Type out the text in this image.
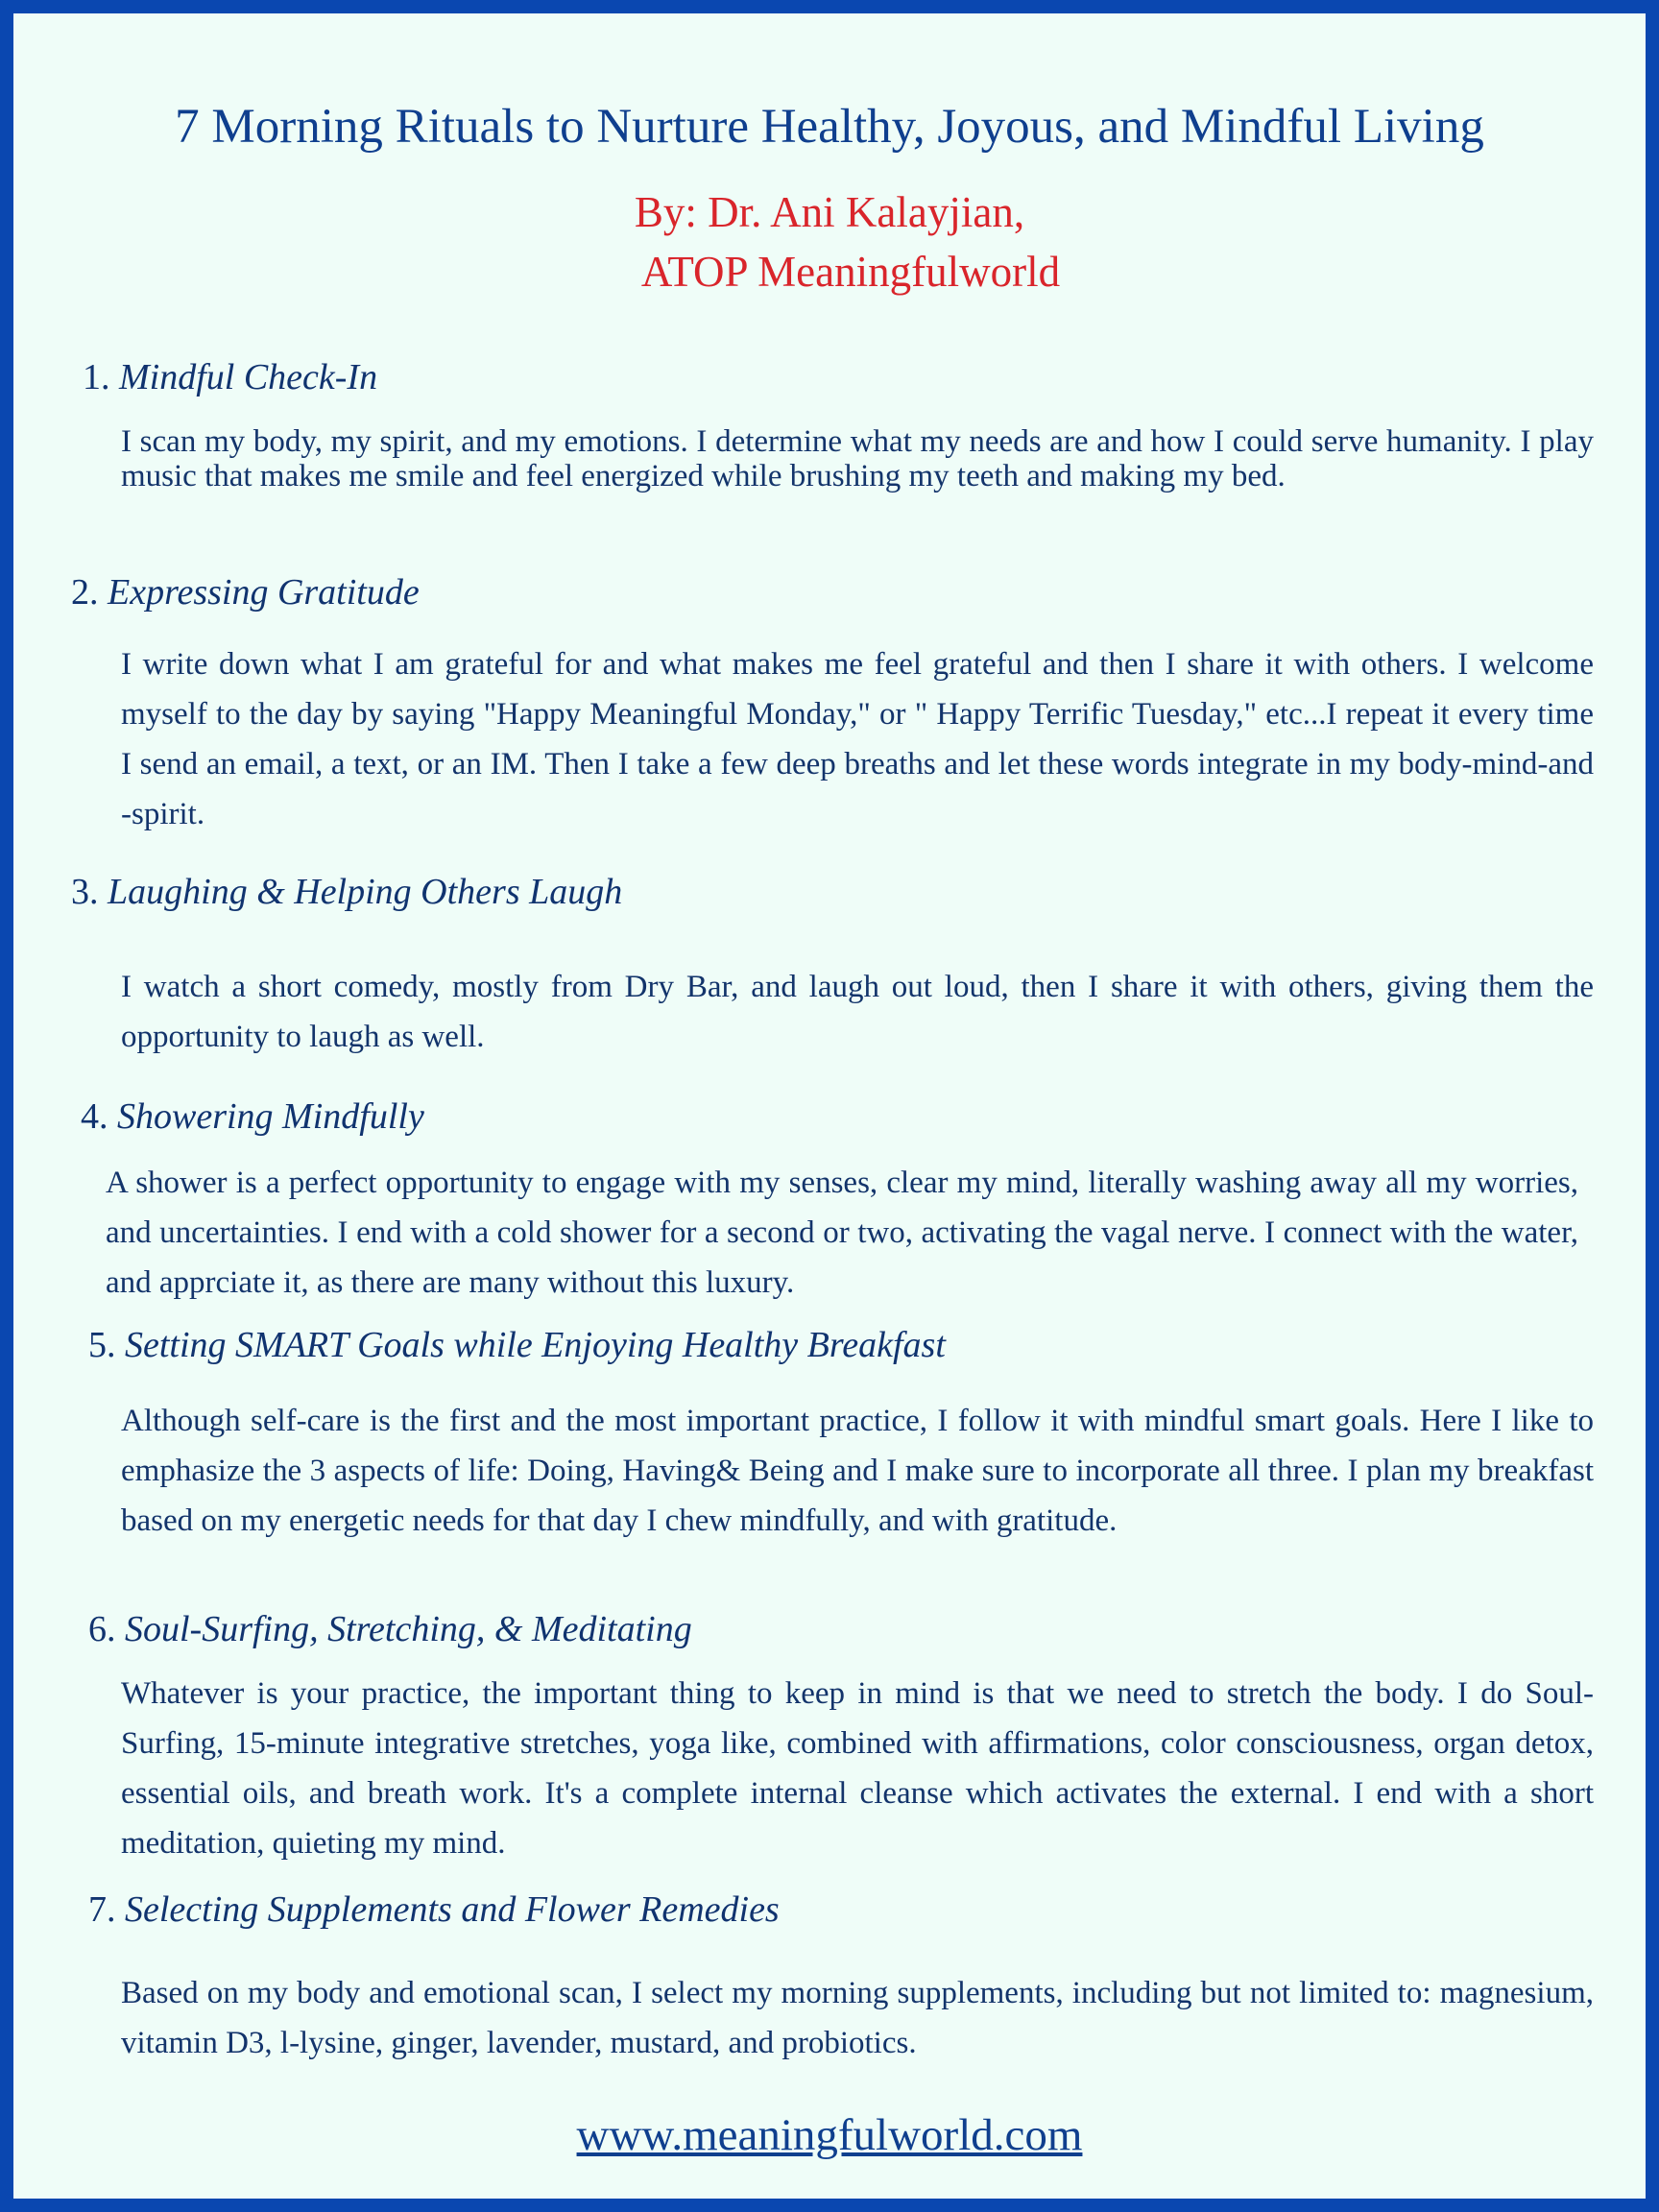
7 Morning Rituals to Nurture Healthy, Joyous, and Mindful Living
By: Dr. Ani Kalayjian,
ATOP Meaningfulworld
1. Mindful Check-In
I scan my body, my spirit, and my emotions. I determine what my needs are and how I could serve humanity. I play music that makes me smile and feel energized while brushing my teeth and making my bed.
2. Expressing Gratitude
I write down what I am grateful for and what makes me feel grateful and then I share it with others. I welcome myself to the day by saying "Happy Meaningful Monday," or " Happy Terrific Tuesday," etc...I repeat it every time I send an email, a text, or an IM. Then I take a few deep breaths and let these words integrate in my body-mind-and -spirit.
3. Laughing & Helping Others Laugh
I watch a short comedy, mostly from Dry Bar, and laugh out loud, then I share it with others, giving them the opportunity to laugh as well.
4. Showering Mindfully
A shower is a perfect opportunity to engage with my senses, clear my mind, literally washing away all my worries, and uncertainties. I end with a cold shower for a second or two, activating the vagal nerve. I connect with the water, and apprciate it, as there are many without this luxury.
5. Setting SMART Goals while Enjoying Healthy Breakfast
Although self-care is the first and the most important practice, I follow it with mindful smart goals. Here I like to emphasize the 3 aspects of life: Doing, Having& Being and I make sure to incorporate all three. I plan my breakfast based on my energetic needs for that day I chew mindfully, and with gratitude.
6. Soul-Surfing, Stretching, & Meditating
Whatever is your practice, the important thing to keep in mind is that we need to stretch the body. I do Soul-Surfing, 15-minute integrative stretches, yoga like, combined with affirmations, color consciousness, organ detox, essential oils, and breath work. It's a complete internal cleanse which activates the external. I end with a short meditation, quieting my mind.
7. Selecting Supplements and Flower Remedies
Based on my body and emotional scan, I select my morning supplements, including but not limited to: magnesium, vitamin D3, l-lysine, ginger, lavender, mustard, and probiotics.
www.meaningfulworld.com
